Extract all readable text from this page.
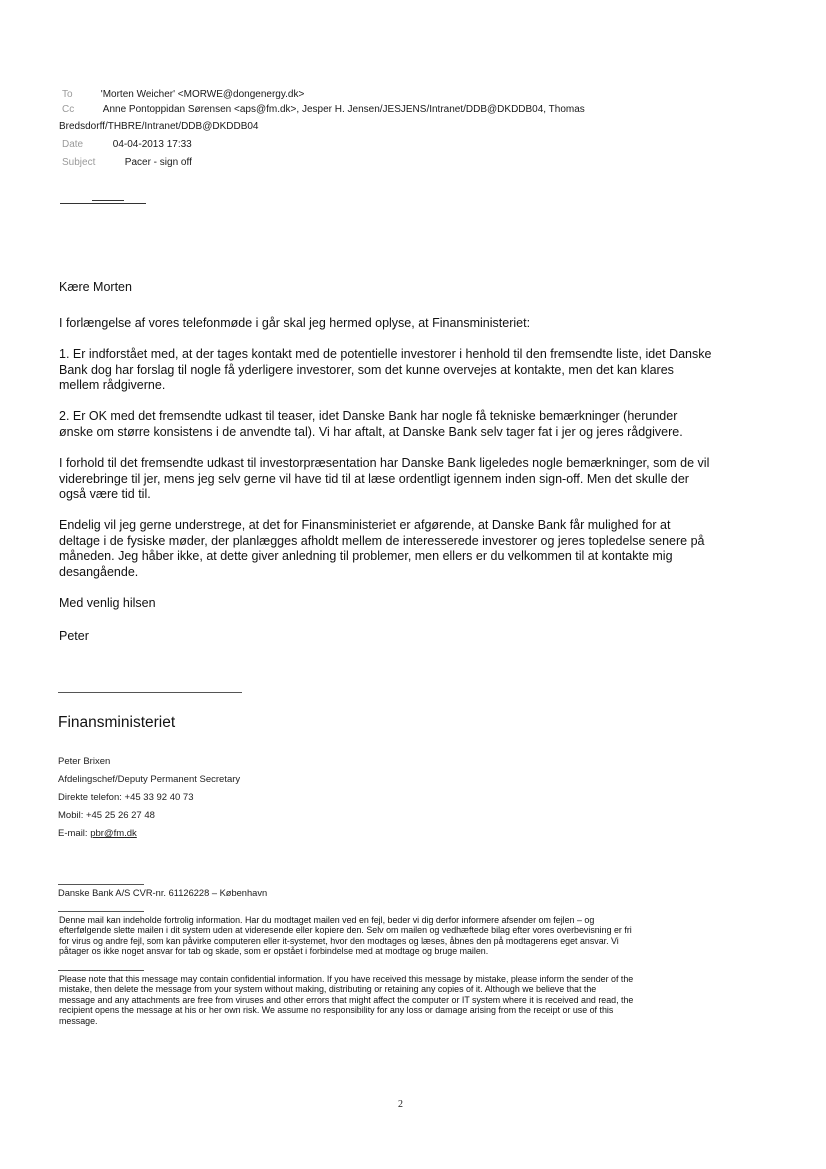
To	'Morten Weicher' <MORWE@dongenergy.dk>
Cc	Anne Pontoppidan Sørensen <aps@fm.dk>, Jesper H. Jensen/JESJENS/Intranet/DDB@DKDDB04, Thomas
Bredsdorff/THBRE/Intranet/DDB@DKDDB04
Date	04-04-2013 17:33
Subject	Pacer - sign off

Kære Morten

I forlængelse af vores telefonmøde i går skal jeg hermed oplyse, at Finansministeriet:

1. Er indforstået med, at der tages kontakt med de potentielle investorer i henhold til den fremsendte liste, idet Danske
Bank dog har forslag til nogle få yderligere investorer, som det kunne overvejes at kontakte, men det kan klares
mellem rådgiverne.

2. Er OK med det fremsendte udkast til teaser, idet Danske Bank har nogle få tekniske bemærkninger (herunder
ønske om større konsistens i de anvendte tal). Vi har aftalt, at Danske Bank selv tager fat i jer og jeres rådgivere.

I forhold til det fremsendte udkast til investorpræsentation har Danske Bank ligeledes nogle bemærkninger, som de vil
viderebringe til jer, mens jeg selv gerne vil have tid til at læse ordentligt igennem inden sign-off. Men det skulle der
også være tid til.

Endelig vil jeg gerne understrege, at det for Finansministeriet er afgørende, at Danske Bank får mulighed for at
deltage i de fysiske møder, der planlægges afholdt mellem de interesserede investorer og jeres topledelse senere på
måneden. Jeg håber ikke, at dette giver anledning til problemer, men ellers er du velkommen til at kontakte mig
desangående.

Med venlig hilsen

Peter

Finansministeriet
Peter Brixen
Afdelingschef/Deputy Permanent Secretary
Direkte telefon: +45 33 92 40 73
Mobil: +45 25 26 27 48
E-mail: pbr@fm.dk
Danske Bank A/S CVR-nr. 61126228 – København

Denne mail kan indeholde fortrolig information. Har du modtaget mailen ved en fejl, beder vi dig derfor informere afsender om fejlen – og
efterfølgende slette mailen i dit system uden at videresende eller kopiere den. Selv om mailen og vedhæftede bilag efter vores overbevisning er fri
for virus og andre fejl, som kan påvirke computeren eller it-systemet, hvor den modtages og læses, åbnes den på modtagerens eget ansvar. Vi
påtager os ikke noget ansvar for tab og skade, som er opstået i forbindelse med at modtage og bruge mailen.

Please note that this message may contain confidential information. If you have received this message by mistake, please inform the sender of the
mistake, then delete the message from your system without making, distributing or retaining any copies of it. Although we believe that the
message and any attachments are free from viruses and other errors that might affect the computer or IT system where it is received and read, the
recipient opens the message at his or her own risk. We assume no responsibility for any loss or damage arising from the receipt or use of this
message.

2
